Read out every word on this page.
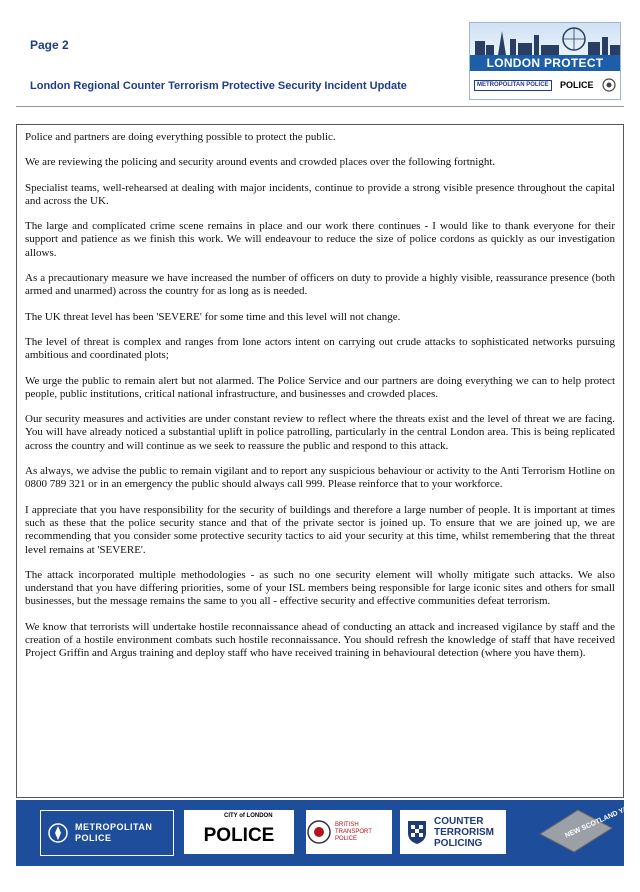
Page 2
London Regional Counter Terrorism Protective Security Incident Update
LONDON PROTECT
METROPOLITAN POLICE	POLICE

Police and partners are doing everything possible to protect the public.

We are reviewing the policing and security around events and crowded places over the following fortnight.

Specialist teams, well-rehearsed at dealing with major incidents, continue to provide a strong visible presence throughout the capital and across the UK.

The large and complicated crime scene remains in place and our work there continues - I would like to thank everyone for their support and patience as we finish this work. We will endeavour to reduce the size of police cordons as quickly as our investigation allows.

As a precautionary measure we have increased the number of officers on duty to provide a highly visible, reassurance presence (both armed and unarmed) across the country for as long as is needed.

The UK threat level has been 'SEVERE' for some time and this level will not change.

The level of threat is complex and ranges from lone actors intent on carrying out crude attacks to sophisticated networks pursuing ambitious and coordinated plots;

We urge the public to remain alert but not alarmed. The Police Service and our partners are doing everything we can to help protect people, public institutions, critical national infrastructure, and businesses and crowded places.

Our security measures and activities are under constant review to reflect where the threats exist and the level of threat we are facing. You will have already noticed a substantial uplift in police patrolling, particularly in the central London area. This is being replicated across the country and will continue as we seek to reassure the public and respond to this attack.

As always, we advise the public to remain vigilant and to report any suspicious behaviour or activity to the Anti Terrorism Hotline on 0800 789 321 or in an emergency the public should always call 999. Please reinforce that to your workforce.

I appreciate that you have responsibility for the security of buildings and therefore a large number of people. It is important at times such as these that the police security stance and that of the private sector is joined up. To ensure that we are joined up, we are recommending that you consider some protective security tactics to aid your security at this time, whilst remembering that the threat level remains at 'SEVERE'.

The attack incorporated multiple methodologies - as such no one security element will wholly mitigate such attacks. We also understand that you have differing priorities, some of your ISL members being responsible for large iconic sites and others for small businesses, but the message remains the same to you all - effective security and effective communities defeat terrorism.

We know that terrorists will undertake hostile reconnaissance ahead of conducting an attack and increased vigilance by staff and the creation of a hostile environment combats such hostile reconnaissance. You should refresh the knowledge of staff that have received Project Griffin and Argus training and deploy staff who have received training in behavioural detection (where you have them).

METROPOLITAN POLICE
CITY of LONDON
POLICE
BRITISH TRANSPORT POLICE
COUNTER TERRORISM POLICING
NEW SCOTLAND YARD
